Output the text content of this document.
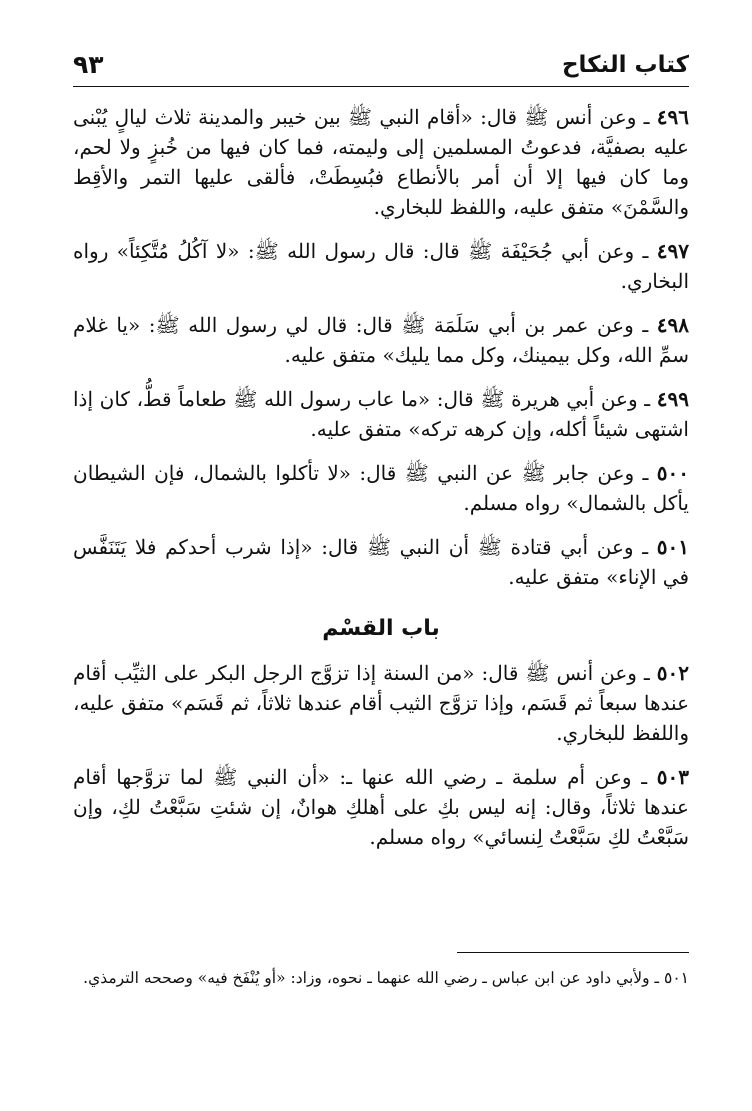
كتاب النكاح
٩٣

٤٩٦ ـ وعن أنس ﷺ قال: «أقام النبي ﷺ بين خيبر والمدينة ثلاث ليالٍ يُبْنى عليه بصفيَّة، فدعوتُ المسلمين إلى وليمته، فما كان فيها من خُبزٍ ولا لحم، وما كان فيها إلا أن أمر بالأنطاع فبُسِطَتْ، فألقى عليها التمر والأقِط والسَّمْنَ» متفق عليه، واللفظ للبخاري.

٤٩٧ ـ وعن أبي جُحَيْفَة ﷺ قال: قال رسول الله ﷺ: «لا آكُلُ مُتَّكِئاً» رواه البخاري.

٤٩٨ ـ وعن عمر بن أبي سَلَمَة ﷺ قال: قال لي رسول الله ﷺ: «يا غلام سمِّ الله، وكل بيمينك، وكل مما يليك» متفق عليه.

٤٩٩ ـ وعن أبي هريرة ﷺ قال: «ما عاب رسول الله ﷺ طعاماً قطُّ، كان إذا اشتهى شيئاً أكله، وإن كرهه تركه» متفق عليه.

٥٠٠ ـ وعن جابر ﷺ عن النبي ﷺ قال: «لا تأكلوا بالشمال، فإن الشيطان يأكل بالشمال» رواه مسلم.

٥٠١ ـ وعن أبي قتادة ﷺ أن النبي ﷺ قال: «إذا شرب أحدكم فلا يَتَنَفَّس في الإناء» متفق عليه.

باب القسْم

٥٠٢ ـ وعن أنس ﷺ قال: «من السنة إذا تزوَّج الرجل البكر على الثيِّب أقام عندها سبعاً ثم قَسَم، وإذا تزوَّج الثيب أقام عندها ثلاثاً، ثم قَسَم» متفق عليه، واللفظ للبخاري.

٥٠٣ ـ وعن أم سلمة ـ رضي الله عنها ـ: «أن النبي ﷺ لما تزوَّجها أقام عندها ثلاثاً، وقال: إنه ليس بكِ على أهلكِ هوانٌ، إن شئتِ سَبَّعْتُ لكِ، وإن سَبَّعْتُ لكِ سَبَّعْتُ لِنسائي» رواه مسلم.

٥٠١ ـ ولأبي داود عن ابن عباس ـ رضي الله عنهما ـ نحوه، وزاد: «أو يُنْفَخ فيه» وصححه الترمذي.
